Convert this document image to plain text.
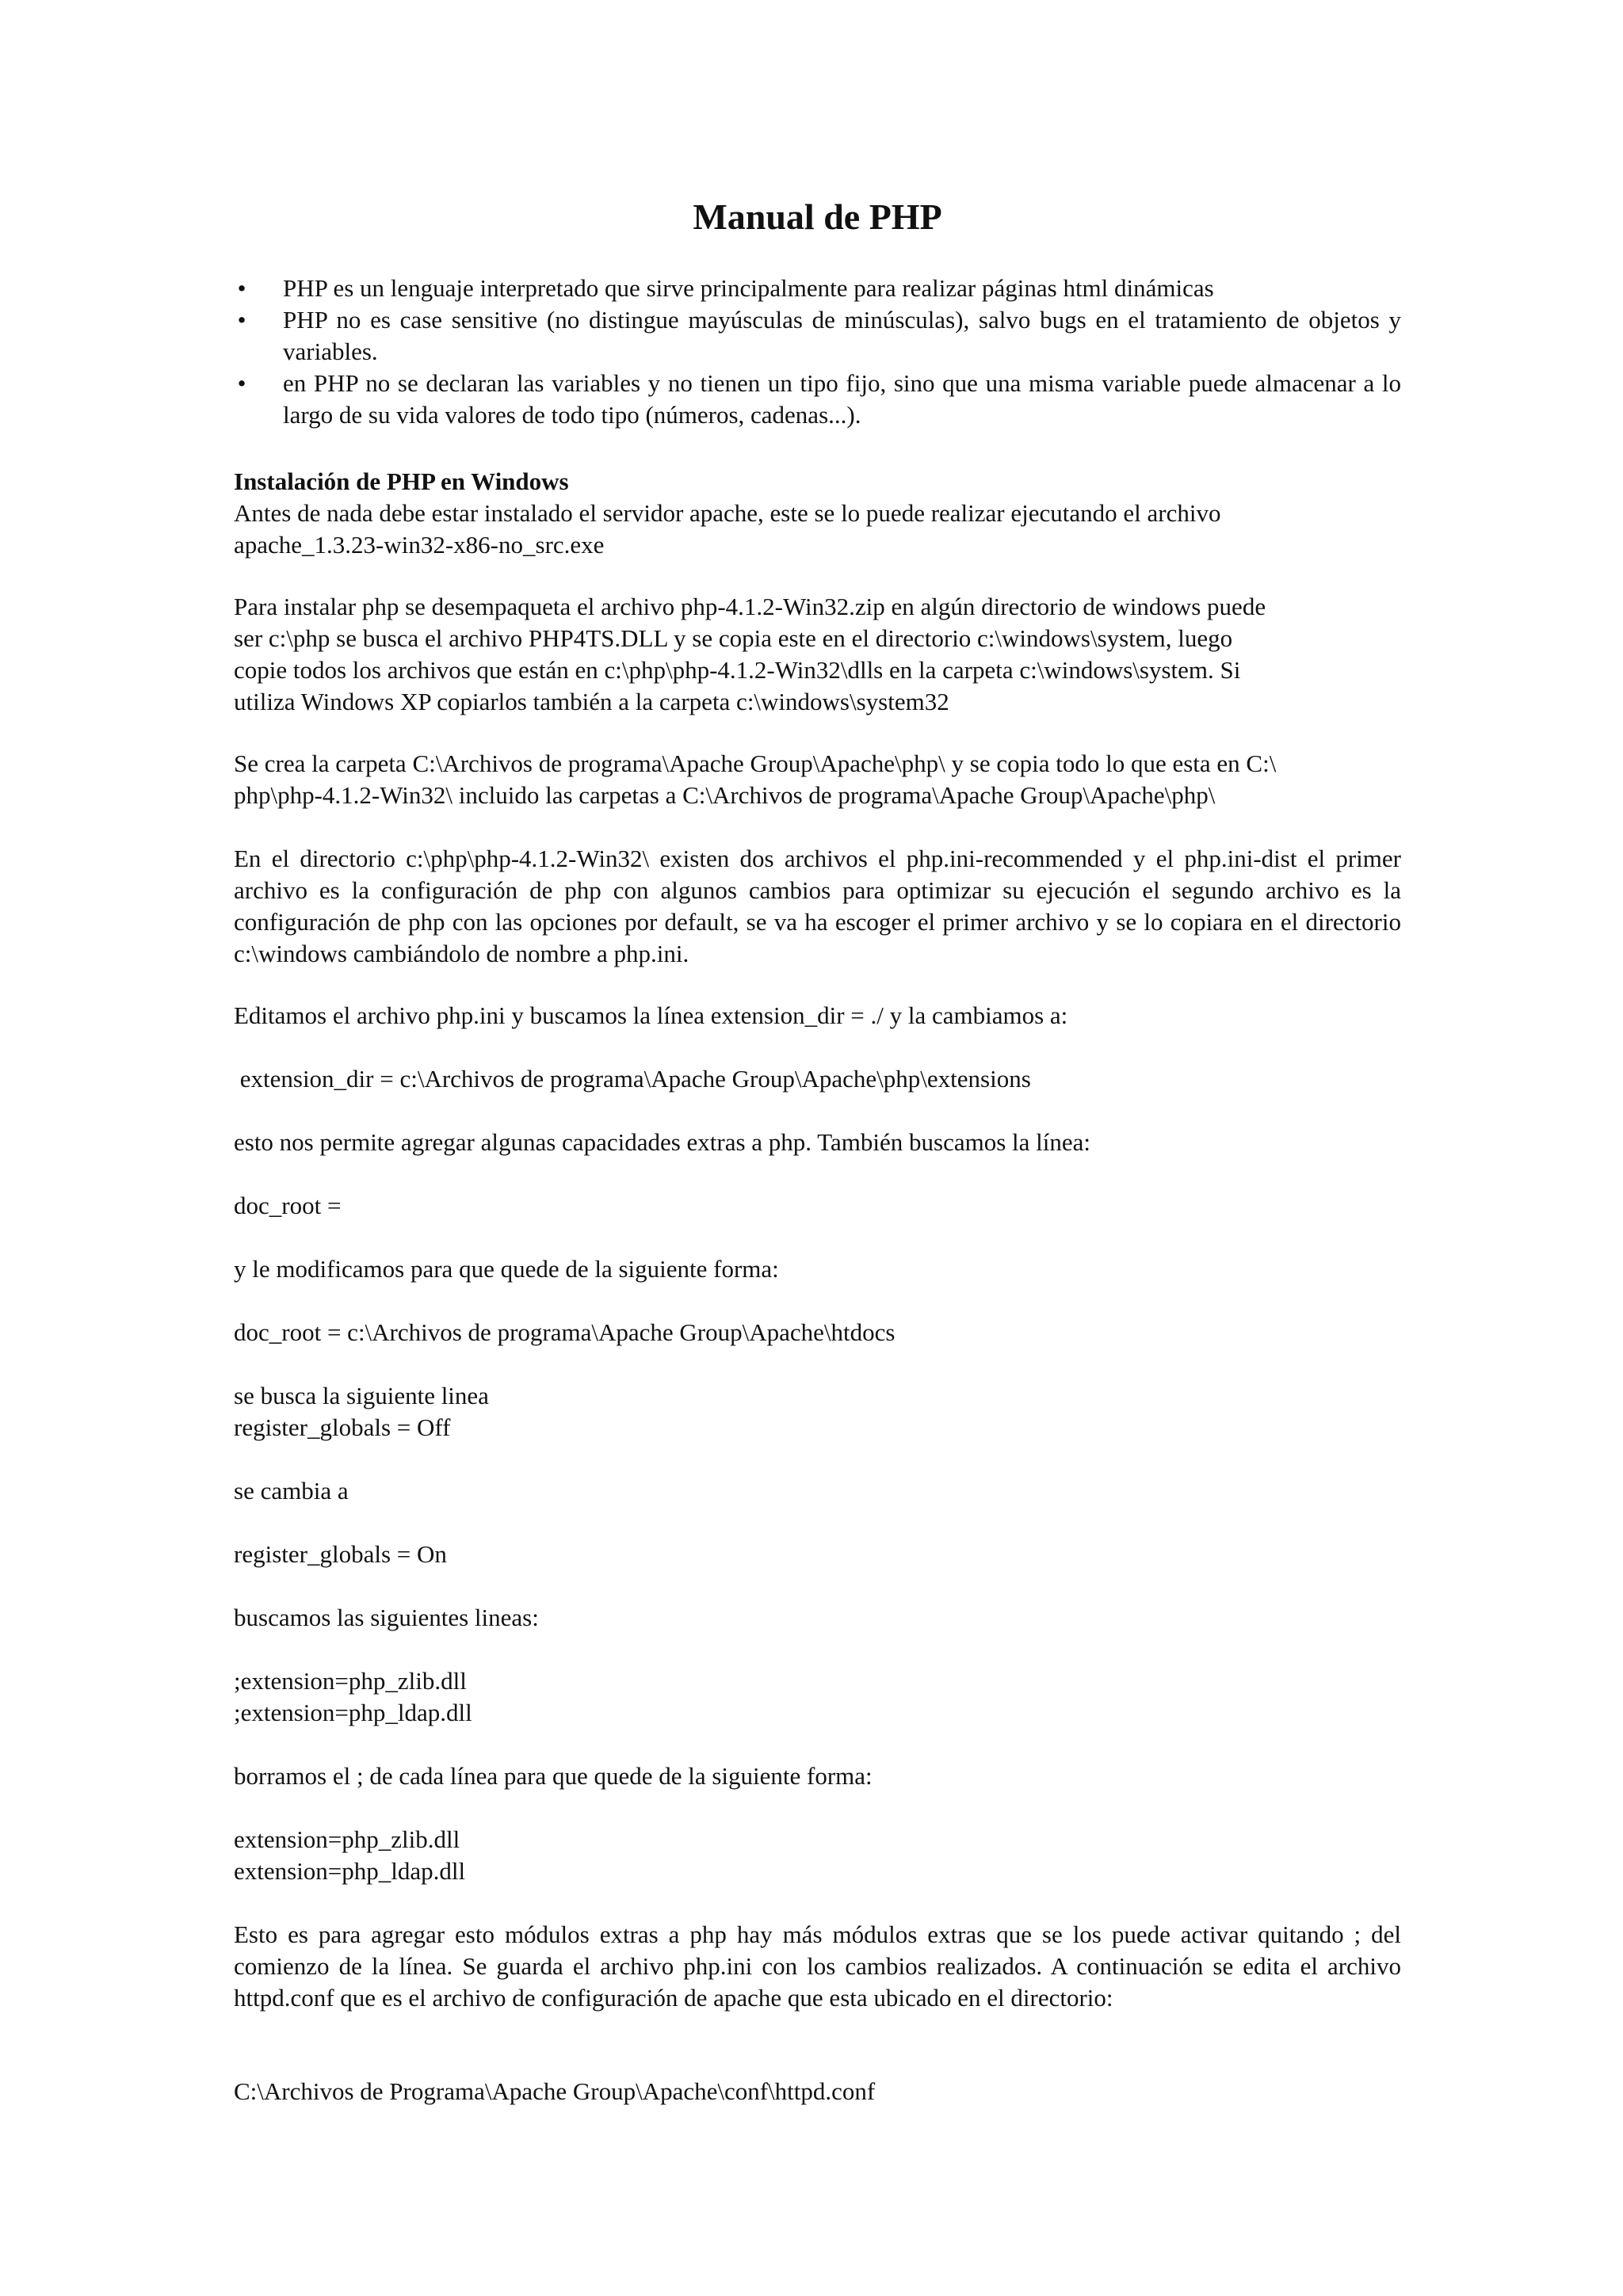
Manual de PHP
• PHP es un lenguaje interpretado que sirve principalmente para realizar páginas html dinámicas
• PHP no es case sensitive (no distingue mayúsculas de minúsculas), salvo bugs en el tratamiento de objetos y variables.
• en PHP no se declaran las variables y no tienen un tipo fijo, sino que una misma variable puede almacenar a lo largo de su vida valores de todo tipo (números, cadenas...).
Instalación de PHP en Windows
Antes de nada debe estar instalado el servidor apache, este se lo puede realizar ejecutando el archivo
apache_1.3.23-win32-x86-no_src.exe
Para instalar php se desempaqueta el archivo php-4.1.2-Win32.zip en algún directorio de windows puede
ser c:\php se busca el archivo PHP4TS.DLL y se copia este en el directorio c:\windows\system, luego
copie todos los archivos que están en c:\php\php-4.1.2-Win32\dlls en la carpeta c:\windows\system. Si
utiliza Windows XP copiarlos también a la carpeta c:\windows\system32
Se crea la carpeta C:\Archivos de programa\Apache Group\Apache\php\ y se copia todo lo que esta en C:\
php\php-4.1.2-Win32\ incluido las carpetas a C:\Archivos de programa\Apache Group\Apache\php\
En el directorio c:\php\php-4.1.2-Win32\ existen dos archivos el php.ini-recommended y el php.ini-dist el primer archivo es la configuración de php con algunos cambios para optimizar su ejecución el segundo archivo es la configuración de php con las opciones por default, se va ha escoger el primer archivo y se lo copiara en el directorio c:\windows cambiándolo de nombre a php.ini.
Editamos el archivo php.ini y buscamos la línea extension_dir = ./ y la cambiamos a:
extension_dir = c:\Archivos de programa\Apache Group\Apache\php\extensions
esto nos permite agregar algunas capacidades extras a php. También buscamos la línea:
doc_root =
y le modificamos para que quede de la siguiente forma:
doc_root = c:\Archivos de programa\Apache Group\Apache\htdocs
se busca la siguiente linea
register_globals = Off
se cambia a
register_globals = On
buscamos las siguientes lineas:
;extension=php_zlib.dll
;extension=php_ldap.dll
borramos el ; de cada línea para que quede de la siguiente forma:
extension=php_zlib.dll
extension=php_ldap.dll
Esto es para agregar esto módulos extras a php hay más módulos extras que se los puede activar quitando ; del comienzo de la línea. Se guarda el archivo php.ini con los cambios realizados. A continuación se edita el archivo httpd.conf que es el archivo de configuración de apache que esta ubicado en el directorio:
C:\Archivos de Programa\Apache Group\Apache\conf\httpd.conf
